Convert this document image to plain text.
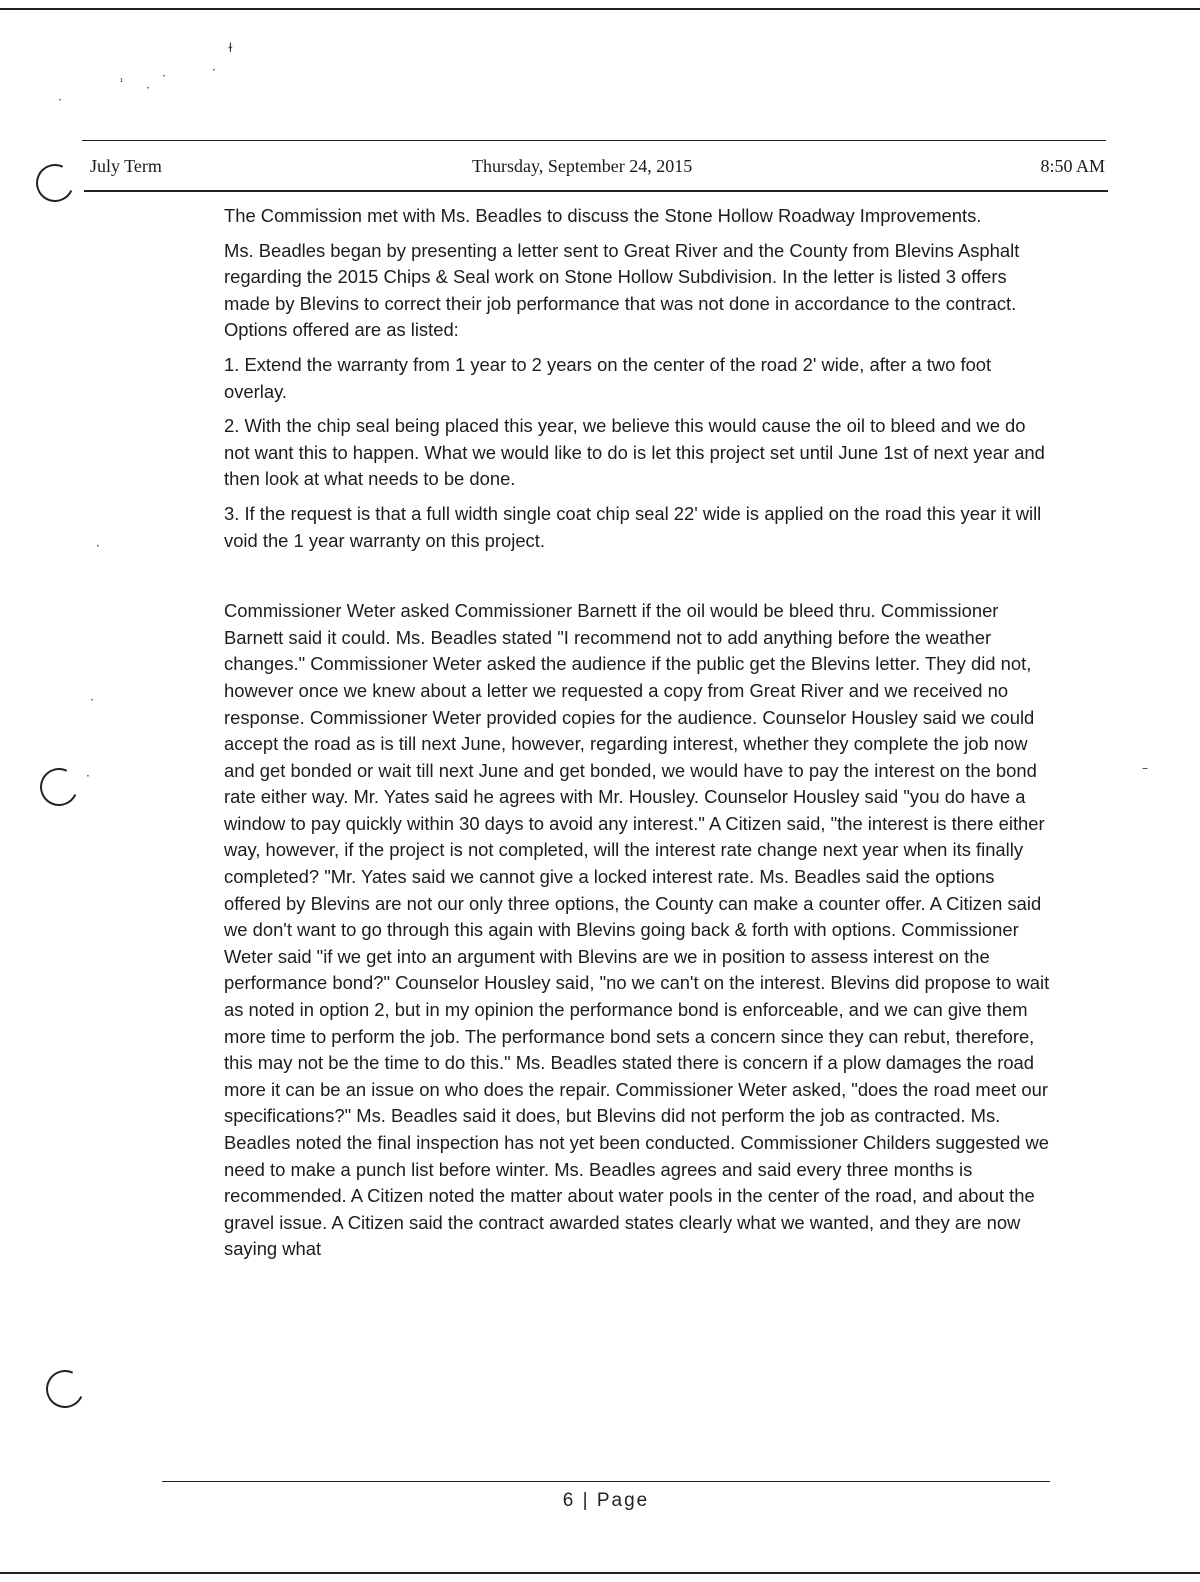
ɫ
ᶦ ·
·	·
·
·
·
·
–
July Term	Thursday, September 24, 2015	8:50 AM

The Commission met with Ms. Beadles to discuss the Stone Hollow Roadway Improvements.

Ms. Beadles began by presenting a letter sent to Great River and the County from Blevins Asphalt regarding the 2015 Chips & Seal work on Stone Hollow Subdivision. In the letter is listed 3 offers made by Blevins to correct their job performance that was not done in accordance to the contract. Options offered are as listed:

1. Extend the warranty from 1 year to 2 years on the center of the road 2' wide, after a two foot overlay.

2. With the chip seal being placed this year, we believe this would cause the oil to bleed and we do not want this to happen. What we would like to do is let this project set until June 1st of next year and then look at what needs to be done.

3. If the request is that a full width single coat chip seal 22' wide is applied on the road this year it will void the 1 year warranty on this project.

Commissioner Weter asked Commissioner Barnett if the oil would be bleed thru. Commissioner Barnett said it could. Ms. Beadles stated "I recommend not to add anything before the weather changes." Commissioner Weter asked the audience if the public get the Blevins letter. They did not, however once we knew about a letter we requested a copy from Great River and we received no response. Commissioner Weter provided copies for the audience. Counselor Housley said we could accept the road as is till next June, however, regarding interest, whether they complete the job now and get bonded or wait till next June and get bonded, we would have to pay the interest on the bond rate either way. Mr. Yates said he agrees with Mr. Housley. Counselor Housley said "you do have a window to pay quickly within 30 days to avoid any interest." A Citizen said, "the interest is there either way, however, if the project is not completed, will the interest rate change next year when its finally completed? "Mr. Yates said we cannot give a locked interest rate. Ms. Beadles said the options offered by Blevins are not our only three options, the County can make a counter offer. A Citizen said we don't want to go through this again with Blevins going back & forth with options. Commissioner Weter said "if we get into an argument with Blevins are we in position to assess interest on the performance bond?" Counselor Housley said, "no we can't on the interest. Blevins did propose to wait as noted in option 2, but in my opinion the performance bond is enforceable, and we can give them more time to perform the job. The performance bond sets a concern since they can rebut, therefore, this may not be the time to do this." Ms. Beadles stated there is concern if a plow damages the road more it can be an issue on who does the repair. Commissioner Weter asked, "does the road meet our specifications?" Ms. Beadles said it does, but Blevins did not perform the job as contracted. Ms. Beadles noted the final inspection has not yet been conducted. Commissioner Childers suggested we need to make a punch list before winter. Ms. Beadles agrees and said every three months is recommended. A Citizen noted the matter about water pools in the center of the road, and about the gravel issue. A Citizen said the contract awarded states clearly what we wanted, and they are now saying what

6 | Page
